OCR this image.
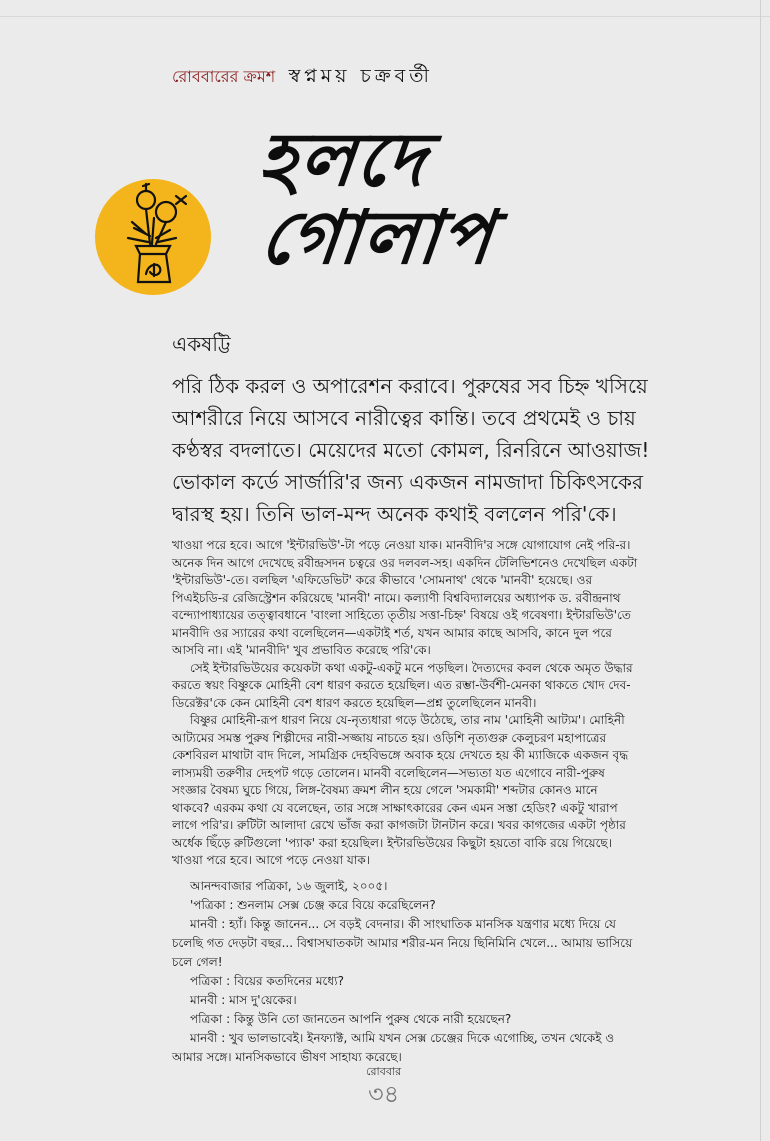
রোববারের ক্রমশ স্বপ্নময় চক্রবর্তী
হলদে
গোলাপ
একষট্টি
পরি ঠিক করল ও অপারেশন করাবে। পুরুষের সব চিহ্ন খসিয়ে
আশরীরে নিয়ে আসবে নারীত্বের কান্তি। তবে প্রথমেই ও চায়
কণ্ঠস্বর বদলাতে। মেয়েদের মতো কোমল, রিনরিনে আওয়াজ!
ভোকাল কর্ডে সার্জারি'র জন্য একজন নামজাদা চিকিৎসকের
দ্বারস্থ হয়। তিনি ভাল-মন্দ অনেক কথাই বললেন পরি'কে।
খাওয়া পরে হবে। আগে 'ইন্টারভিউ'-টা পড়ে নেওয়া যাক। মানবীদি'র সঙ্গে যোগাযোগ নেই পরি-র।
অনেক দিন আগে দেখেছে রবীন্দ্রসদন চত্বরে ওর দলবল-সহ। একদিন টেলিভিশনেও দেখেছিল একটা
'ইন্টারভিউ'-তে। বলছিল 'এফিডেভিট' করে কীভাবে 'সোমনাথ' থেকে 'মানবী' হয়েছে। ওর
পিএইচডি-র রেজিস্ট্রেশন করিয়েছে 'মানবী' নামে। কল্যাণী বিশ্ববিদ্যালয়ের অধ্যাপক ড. রবীন্দ্রনাথ
বন্দ্যোপাধ্যায়ের তত্ত্বাবধানে 'বাংলা সাহিত্যে তৃতীয় সত্তা-চিহ্ন' বিষয়ে ওই গবেষণা। ইন্টারভিউ'তে
মানবীদি ওর স্যারের কথা বলেছিলেন—একটাই শর্ত, যখন আমার কাছে আসবি, কানে দুল পরে
আসবি না। এই 'মানবীদি' খুব প্রভাবিত করেছে পরি'কে।
সেই ইন্টারভিউয়ের কয়েকটা কথা একটু-একটু মনে পড়ছিল। দৈত্যদের কবল থেকে অমৃত উদ্ধার
করতে স্বয়ং বিষ্ণুকে মোহিনী বেশ ধারণ করতে হয়েছিল। এত রম্ভা-উর্বশী-মেনকা থাকতে খোদ দেব-
ডিরেক্টর'কে কেন মোহিনী বেশ ধারণ করতে হয়েছিল—প্রশ্ন তুলেছিলেন মানবী।
বিষ্ণুর মোহিনী-রূপ ধারণ নিয়ে যে-নৃত্যধারা গড়ে উঠেছে, তার নাম 'মোহিনী আট্যম'। মোহিনী
আট্যমের সমস্ত পুরুষ শিল্পীদের নারী-সজ্জায় নাচতে হয়। ওড়িশি নৃত্যগুরু কেলুচরণ মহাপাত্রের
কেশবিরল মাথাটা বাদ দিলে, সামগ্রিক দেহবিভঙ্গে অবাক হয়ে দেখতে হয় কী ম্যাজিকে একজন বৃদ্ধ
লাস্যময়ী তরুণীর দেহপট গড়ে তোলেন। মানবী বলেছিলেন—সভ্যতা যত এগোবে নারী-পুরুষ
সংজ্ঞার বৈষম্য ঘুচে গিয়ে, লিঙ্গ-বৈষম্য ক্রমশ লীন হয়ে গেলে 'সমকামী' শব্দটার কোনও মানে
থাকবে? এরকম কথা যে বলেছেন, তার সঙ্গে সাক্ষাৎকারের কেন এমন সস্তা হেডিং? একটু খারাপ
লাগে পরি'র। রুটিটা আলাদা রেখে ভাঁজ করা কাগজটা টানটান করে। খবর কাগজের একটা পৃষ্ঠার
অর্ধেক ছিঁড়ে রুটিগুলো 'প্যাক' করা হয়েছিল। ইন্টারভিউয়ের কিছুটা হয়তো বাকি রয়ে গিয়েছে।
খাওয়া পরে হবে। আগে পড়ে নেওয়া যাক।
আনন্দবাজার পত্রিকা, ১৬ জুলাই, ২০০৫।
'পত্রিকা : শুনলাম সেক্স চেঞ্জ করে বিয়ে করেছিলেন?
মানবী : হ্যাঁ। কিন্তু জানেন... সে বড়ই বেদনার। কী সাংঘাতিক মানসিক যন্ত্রণার মধ্যে দিয়ে যে
চলেছি গত দেড়টা বছর... বিশ্বাসঘাতকটা আমার শরীর-মন নিয়ে ছিনিমিনি খেলে... আমায় ভাসিয়ে
চলে গেল!
পত্রিকা : বিয়ের কতদিনের মধ্যে?
মানবী : মাস দু'য়েকের।
পত্রিকা : কিন্তু উনি তো জানতেন আপনি পুরুষ থেকে নারী হয়েছেন?
মানবী : খুব ভালভাবেই। ইনফ্যাক্ট, আমি যখন সেক্স চেঞ্জের দিকে এগোচ্ছি, তখন থেকেই ও
আমার সঙ্গে। মানসিকভাবে ভীষণ সাহায্য করেছে।
রোববার
৩৪
